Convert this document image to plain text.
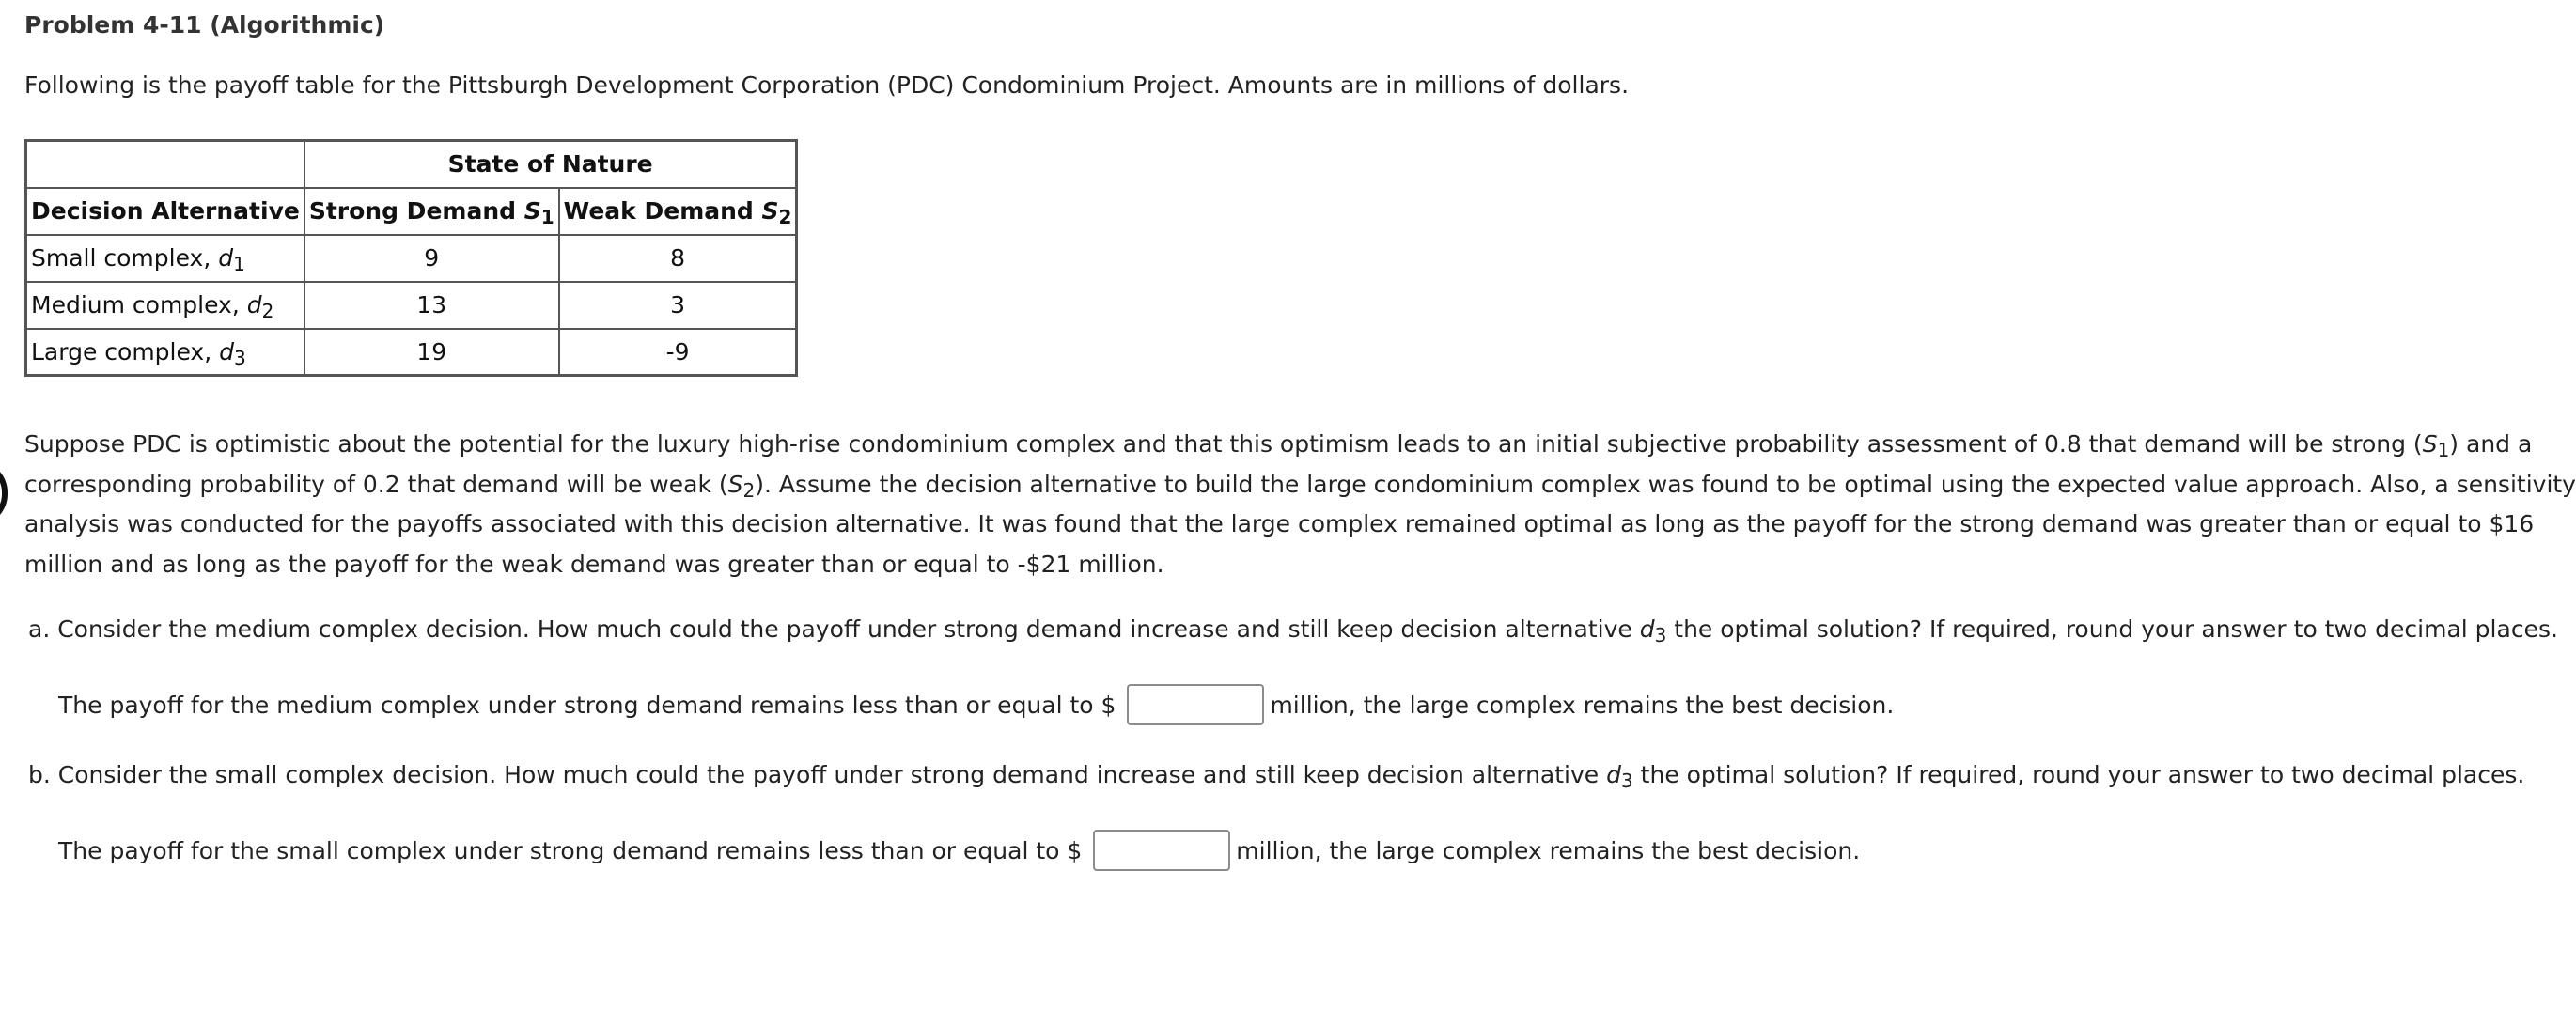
Problem 4-11 (Algorithmic)
Following is the payoff table for the Pittsburgh Development Corporation (PDC) Condominium Project. Amounts are in millions of dollars.
	State of Nature	
Decision Alternative	Strong Demand $S_1$	Weak Demand $S_2$
Small complex, $d_1$	9	8
Medium complex, $d_2$	13	3
Large complex, $d_3$	19	-9

Suppose PDC is optimistic about the potential for the luxury high-rise condominium complex and that this optimism leads to an initial subjective probability assessment of 0.8 that demand will be strong $(S_1)$ and a

corresponding probability of 0.2 that demand will be weak $(S_2)$. Assume the decision alternative to build the large condominium complex was found to be optimal using the expected value approach. Also, a sensitivity

analysis was conducted for the payoffs associated with this decision alternative. It was found that the large complex remained optimal as long as the payoff for the strong demand was greater than or equal to $16

million and as long as the payoff for the weak demand was greater than or equal to -$21 million.

a. Consider the medium complex decision. How much could the payoff under strong demand increase and still keep decision alternative $d_3$ the optimal solution? If required, round your answer to two decimal places.
The payoff for the medium complex under strong demand remains less than or equal to $	million, the large complex remains the best decision.
b. Consider the small complex decision. How much could the payoff under strong demand increase and still keep decision alternative $d_3$ the optimal solution? If required, round your answer to two decimal places.
The payoff for the small complex under strong demand remains less than or equal to $	million, the large complex remains the best decision.
